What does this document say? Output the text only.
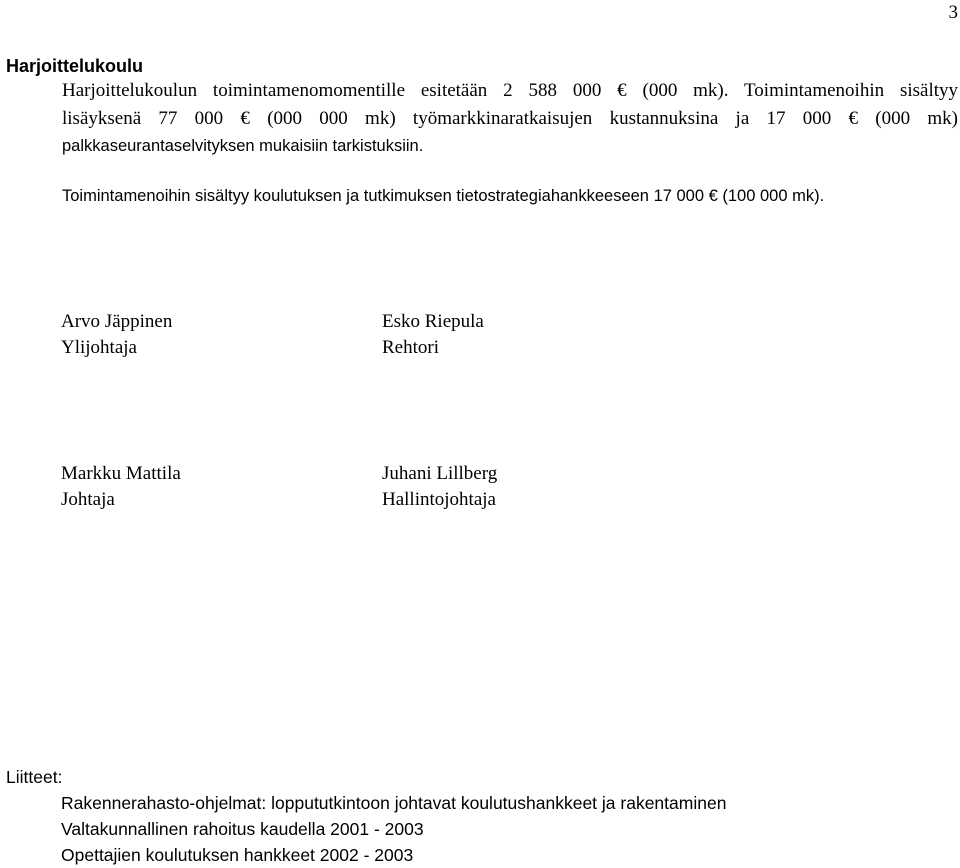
3
Harjoittelukoulu
Harjoittelukoulun toimintamenomomentille esitetään 2 588 000 € (000 mk). Toimintamenoihin sisältyy
lisäyksenä 77 000 € (000 000 mk) työmarkkinaratkaisujen kustannuksina ja 17 000 € (000 mk)
palkkaseurantaselvityksen mukaisiin tarkistuksiin.
Toimintamenoihin sisältyy koulutuksen ja tutkimuksen tietostrategiahankkeeseen 17 000 € (100 000 mk).
Arvo Jäppinen
Ylijohtaja
Esko Riepula
Rehtori
Markku Mattila
Johtaja
Juhani Lillberg
Hallintojohtaja
Liitteet:
Rakennerahasto-ohjelmat: loppututkintoon johtavat koulutushankkeet ja rakentaminen
Valtakunnallinen rahoitus kaudella 2001 - 2003
Opettajien koulutuksen hankkeet 2002 - 2003
